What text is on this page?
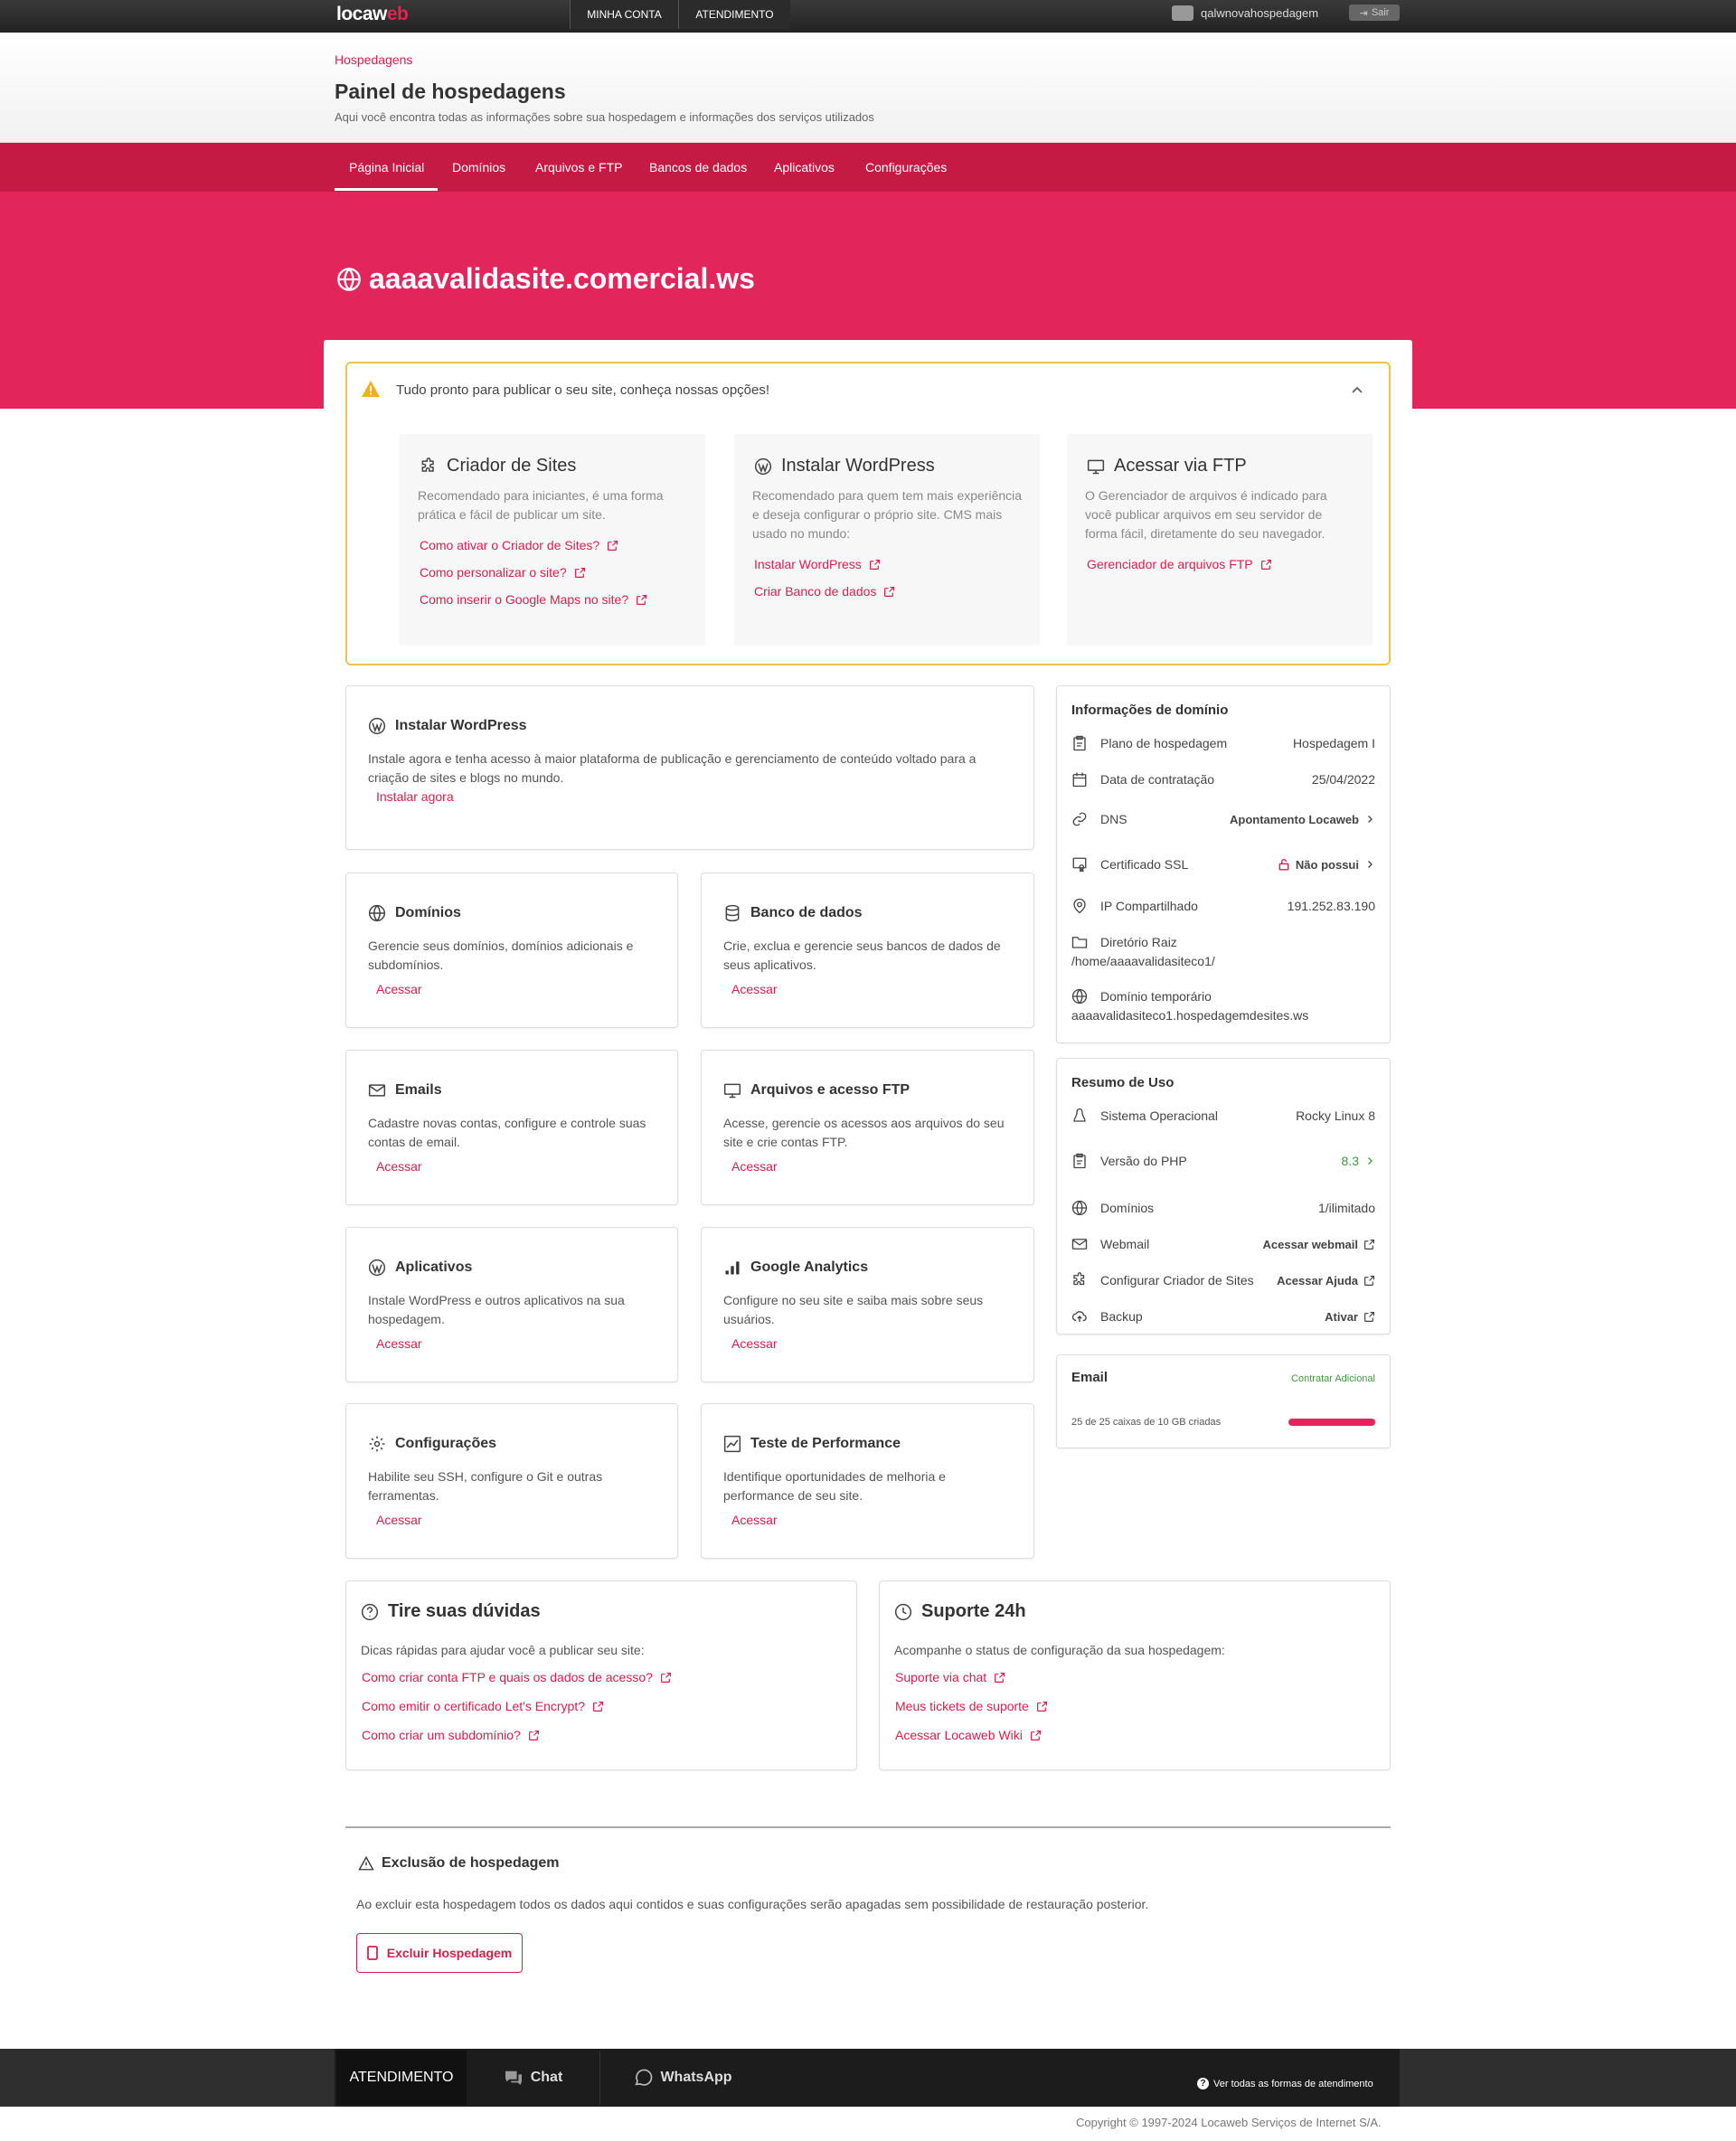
locaweb	MINHA CONTA	ATENDIMENTO	qalwnovahospedagem	⇥ Sair
Hospedagens
Painel de hospedagens
Aqui você encontra todas as informações sobre sua hospedagem e informações dos serviços utilizados
Página Inicial Domínios Arquivos e FTP Bancos de dados Aplicativos Configurações
aaaavalidasite.comercial.ws
Tudo pronto para publicar o seu site, conheça nossas opções!
Criador de Sites

Recomendado para iniciantes, é uma forma prática e fácil de publicar um site.

Como ativar o Criador de Sites?
Como personalizar o site?
Como inserir o Google Maps no site?
Instalar WordPress

Recomendado para quem tem mais experiência e deseja configurar o próprio site. CMS mais usado no mundo:

Instalar WordPress
Criar Banco de dados
Acessar via FTP

O Gerenciador de arquivos é indicado para você publicar arquivos em seu servidor de forma fácil, diretamente do seu navegador.

Gerenciador de arquivos FTP
Instalar WordPress
Instale agora e tenha acesso à maior plataforma de publicação e gerenciamento de conteúdo voltado para a criação de sites e blogs no mundo.
Instalar agora
Domínios
Gerencie seus domínios, domínios adicionais e subdomínios.
Acessar
Banco de dados
Crie, exclua e gerencie seus bancos de dados de seus aplicativos.
Acessar
Emails
Cadastre novas contas, configure e controle suas contas de email.
Acessar
Arquivos e acesso FTP
Acesse, gerencie os acessos aos arquivos do seu site e crie contas FTP.
Acessar
Aplicativos
Instale WordPress e outros aplicativos na sua hospedagem.
Acessar
Google Analytics
Configure no seu site e saiba mais sobre seus usuários.
Acessar
Configurações
Habilite seu SSH, configure o Git e outras ferramentas.
Acessar
Teste de Performance
Identifique oportunidades de melhoria e performance de seu site.
Acessar
Informações de domínio
Plano de hospedagem	Hospedagem I
Data de contratação	25/04/2022
DNS	Apontamento Locaweb
Certificado SSL	Não possui
IP Compartilhado	191.252.83.190
Diretório Raiz
/home/aaaavalidasiteco1/
Domínio temporário
aaaavalidasiteco1.hospedagemdesites.ws
Resumo de Uso
Sistema Operacional	Rocky Linux 8
Versão do PHP	8.3
Domínios	1/ilimitado
Webmail	Acessar webmail
Configurar Criador de Sites Acessar Ajuda
Backup	Ativar
Email	Contratar Adicional
25 de 25 caixas de 10 GB criadas
Tire suas dúvidas
Dicas rápidas para ajudar você a publicar seu site:
Como criar conta FTP e quais os dados de acesso?
Como emitir o certificado Let's Encrypt?
Como criar um subdomínio?
Suporte 24h
Acompanhe o status de configuração da sua hospedagem:
Suporte via chat
Meus tickets de suporte
Acessar Locaweb Wiki
Exclusão de hospedagem
Ao excluir esta hospedagem todos os dados aqui contidos e suas configurações serão apagadas sem possibilidade de restauração posterior.
Excluir Hospedagem
ATENDIMENTO	Chat	WhatsApp	? Ver todas as formas de atendimento
Copyright © 1997-2024 Locaweb Serviços de Internet S/A.
